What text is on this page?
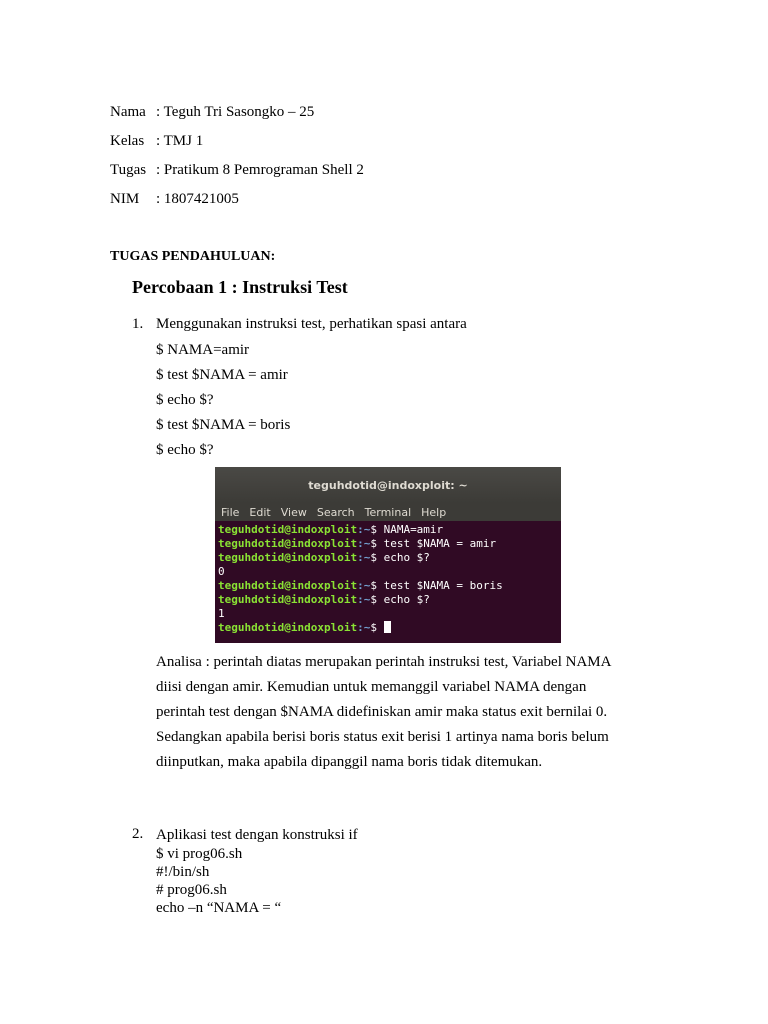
Nama : Teguh Tri Sasongko – 25
Kelas : TMJ 1
Tugas : Pratikum 8 Pemrograman Shell 2
NIM : 1807421005
TUGAS PENDAHULUAN:
Percobaan 1 : Instruksi Test
1. Menggunakan instruksi test, perhatikan spasi antara
$ NAMA=amir
$ test $NAMA = amir
$ echo $?
$ test $NAMA = boris
$ echo $?
teguhdotid@indoxploit: ~
File Edit View Search Terminal Help
teguhdotid@indoxploit:~$ NAMA=amir
teguhdotid@indoxploit:~$ test $NAMA = amir
teguhdotid@indoxploit:~$ echo $?
0
teguhdotid@indoxploit:~$ test $NAMA = boris
teguhdotid@indoxploit:~$ echo $?
1
teguhdotid@indoxploit:~$
Analisa : perintah diatas merupakan perintah instruksi test, Variabel NAMA diisi dengan amir. Kemudian untuk memanggil variabel NAMA dengan perintah test dengan $NAMA didefiniskan amir maka status exit bernilai 0. Sedangkan apabila berisi boris status exit berisi 1 artinya nama boris belum diinputkan, maka apabila dipanggil nama boris tidak ditemukan.
2. Aplikasi test dengan konstruksi if
$ vi prog06.sh
#!/bin/sh
# prog06.sh
echo –n “NAMA = “
